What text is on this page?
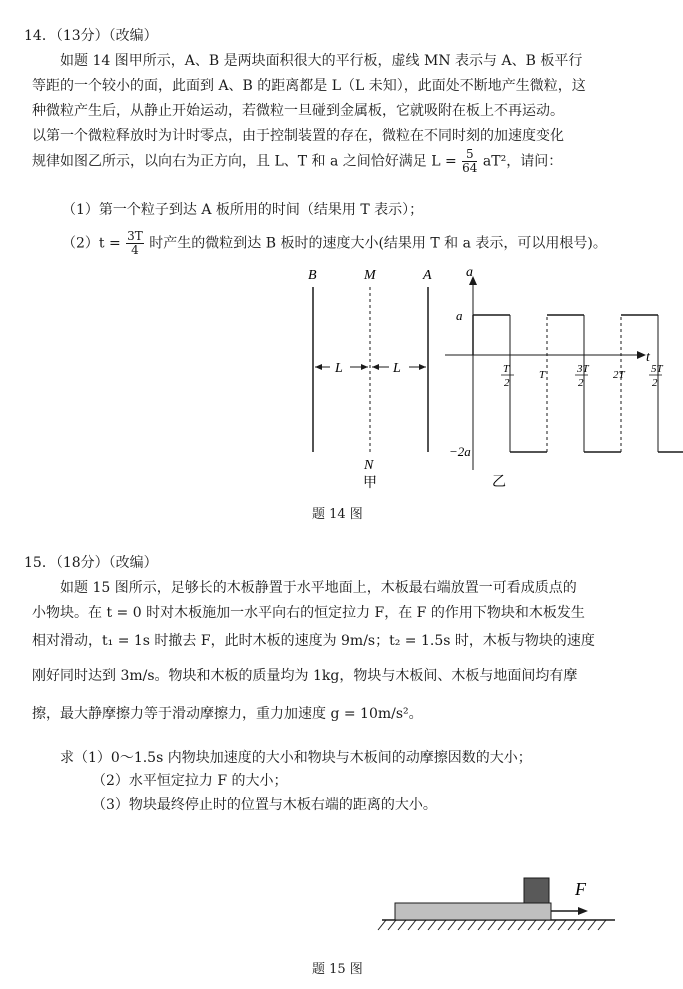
14．（13分）（改编）
如题 14 图甲所示，A、B 是两块面积很大的平行板，虚线 MN 表示与 A、B 板平行
等距的一个较小的面，此面到 A、B 的距离都是 L（L 未知），此面处不断地产生微粒，这
种微粒产生后，从静止开始运动，若微粒一旦碰到金属板，它就吸附在板上不再运动。
以第一个微粒释放时为计时零点，由于控制装置的存在，微粒在不同时刻的加速度变化
规律如图乙所示，以向右为正方向，且 L、T 和 a 之间恰好满足 $L = \frac{5}{64} aT^2$，请问：
（1）第一个粒子到达 A 板所用的时间（结果用 T 表示）；
$(2)t = \frac{3T}{4}$ 时产生的微粒到达 B 板时的速度大小(结果用 T 和 a 表示，可以用根号)。
B	M	A
N
甲
L	L
a
t
a
−2a
乙
T
2
T	3T
2
2T 5T
2
题 14 图
15．（18分）（改编）
如题 15 图所示，足够长的木板静置于水平地面上，木板最右端放置一可看成质点的
小物块。在 t = 0 时对木板施加一水平向右的恒定拉力 F，在 F 的作用下物块和木板发生
相对滑动，t₁ = 1s 时撤去 F，此时木板的速度为 9m/s；t₂ = 1.5s 时，木板与物块的速度
刚好同时达到 3m/s。物块和木板的质量均为 1kg，物块与木板间、木板与地面间均有摩
擦，最大静摩擦力等于滑动摩擦力，重力加速度 g = 10m/s²。
求（1）0～1.5s 内物块加速度的大小和物块与木板间的动摩擦因数的大小；
（2）水平恒定拉力 F 的大小；
（3）物块最终停止时的位置与木板右端的距离的大小。
F
题 15 图
